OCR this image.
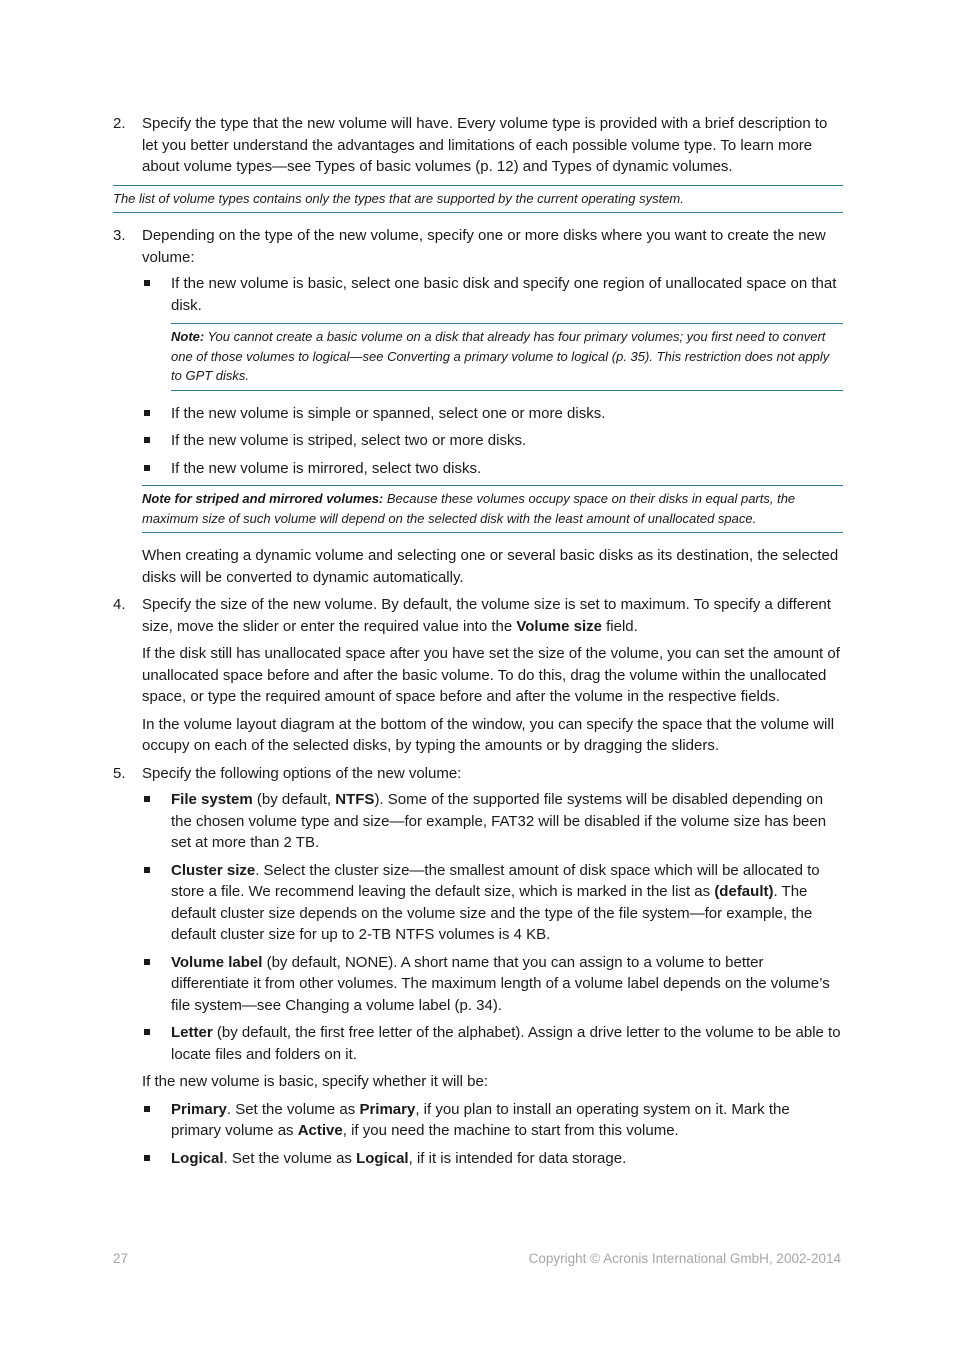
2. Specify the type that the new volume will have. Every volume type is provided with a brief description to let you better understand the advantages and limitations of each possible volume type. To learn more about volume types—see Types of basic volumes (p. 12) and Types of dynamic volumes.
The list of volume types contains only the types that are supported by the current operating system.
3. Depending on the type of the new volume, specify one or more disks where you want to create the new volume:
If the new volume is basic, select one basic disk and specify one region of unallocated space on that disk.
Note: You cannot create a basic volume on a disk that already has four primary volumes; you first need to convert one of those volumes to logical—see Converting a primary volume to logical (p. 35). This restriction does not apply to GPT disks.
If the new volume is simple or spanned, select one or more disks.
If the new volume is striped, select two or more disks.
If the new volume is mirrored, select two disks.
Note for striped and mirrored volumes: Because these volumes occupy space on their disks in equal parts, the maximum size of such volume will depend on the selected disk with the least amount of unallocated space.

When creating a dynamic volume and selecting one or several basic disks as its destination, the selected disks will be converted to dynamic automatically.

4. Specify the size of the new volume. By default, the volume size is set to maximum. To specify a different size, move the slider or enter the required value into the Volume size field.

If the disk still has unallocated space after you have set the size of the volume, you can set the amount of unallocated space before and after the basic volume. To do this, drag the volume within the unallocated space, or type the required amount of space before and after the volume in the respective fields.

In the volume layout diagram at the bottom of the window, you can specify the space that the volume will occupy on each of the selected disks, by typing the amounts or by dragging the sliders.

5. Specify the following options of the new volume:
File system (by default, NTFS). Some of the supported file systems will be disabled depending on the chosen volume type and size—for example, FAT32 will be disabled if the volume size has been set at more than 2 TB.
Cluster size. Select the cluster size—the smallest amount of disk space which will be allocated to store a file. We recommend leaving the default size, which is marked in the list as (default). The default cluster size depends on the volume size and the type of the file system—for example, the default cluster size for up to 2-TB NTFS volumes is 4 KB.
Volume label (by default, NONE). A short name that you can assign to a volume to better differentiate it from other volumes. The maximum length of a volume label depends on the volume’s file system—see Changing a volume label (p. 34).
Letter (by default, the first free letter of the alphabet). Assign a drive letter to the volume to be able to locate files and folders on it.

If the new volume is basic, specify whether it will be:

Primary. Set the volume as Primary, if you plan to install an operating system on it. Mark the primary volume as Active, if you need the machine to start from this volume.
Logical. Set the volume as Logical, if it is intended for data storage.
27	Copyright © Acronis International GmbH, 2002-2014
